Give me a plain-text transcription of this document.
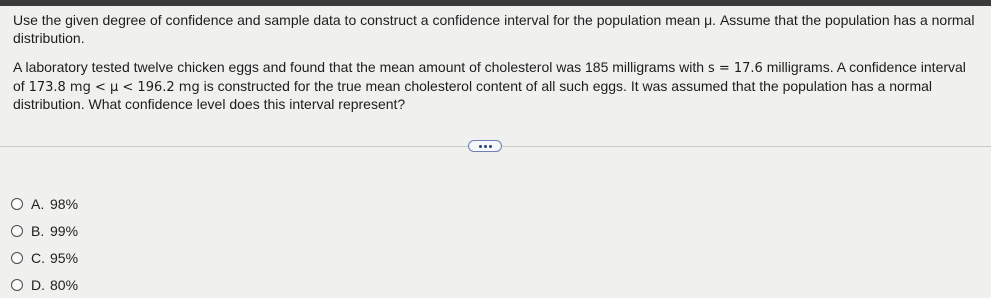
Use the given degree of confidence and sample data to construct a confidence interval for the population mean μ. Assume that the population has a normal distribution.

A laboratory tested twelve chicken eggs and found that the mean amount of cholesterol was 185 milligrams with s = 17.6 milligrams. A confidence interval of 173.8 mg < μ < 196.2 mg is constructed for the true mean cholesterol content of all such eggs. It was assumed that the population has a normal distribution. What confidence level does this interval represent?

A. 98%
B. 99%
C. 95%
D. 80%
